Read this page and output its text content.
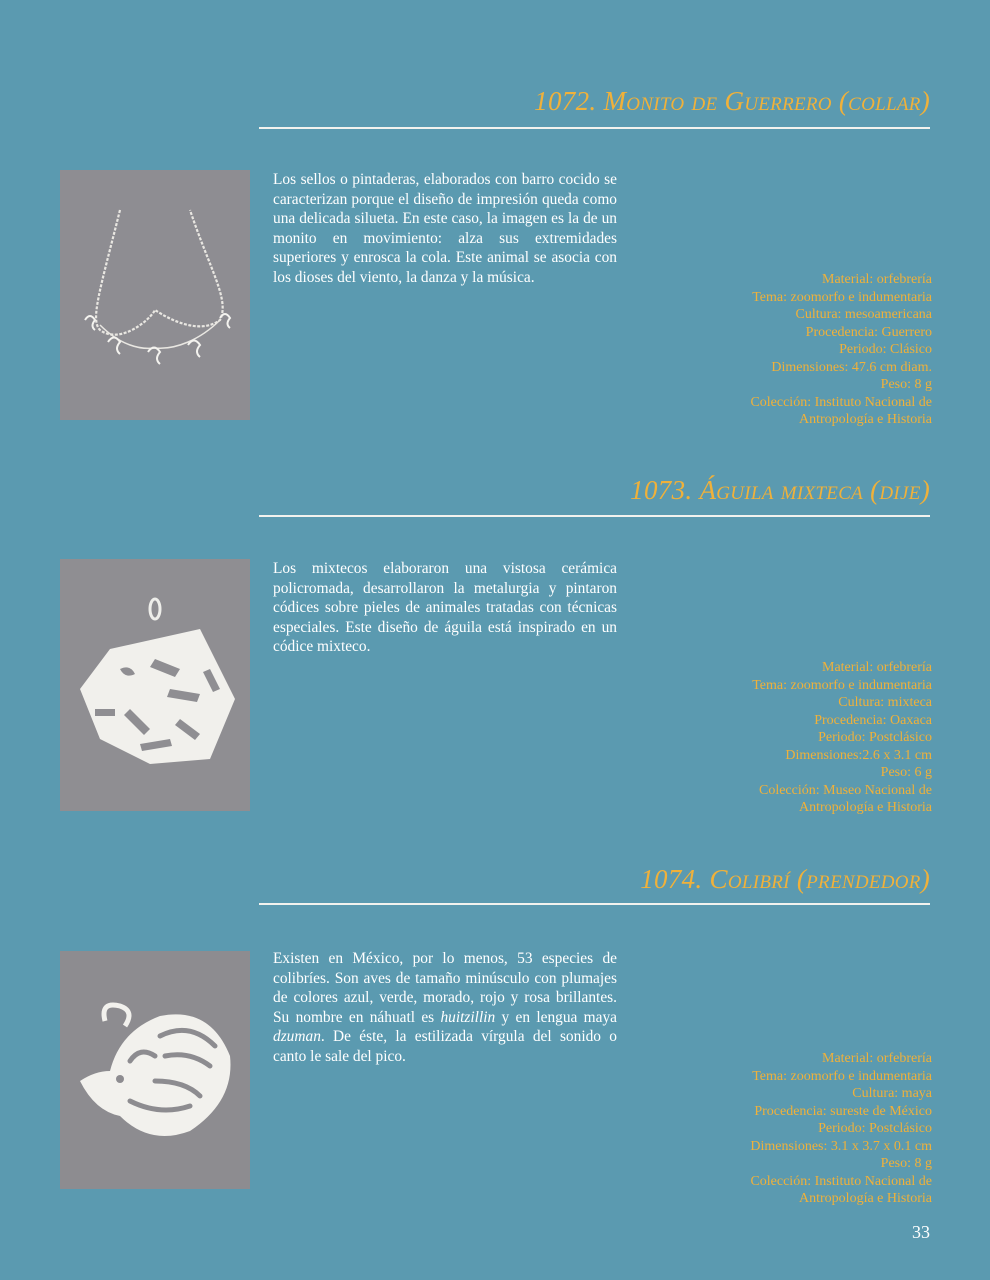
1072. Monito de Guerrero (collar)

Los sellos o pintaderas, elaborados con barro cocido se caracterizan porque el diseño de impresión queda como una delicada silueta. En este caso, la imagen es la de un monito en movimiento: alza sus extremidades superiores y enrosca la cola. Este animal se asocia con los dioses del viento, la danza y la música.	Material: orfebrería
Tema: zoomorfo e indumentaria
Cultura: mesoamericana
Procedencia: Guerrero
Periodo: Clásico
Dimensiones: 47.6 cm diam.
Peso: 8 g
Colección: Instituto Nacional de
Antropología e Historia
1073. Águila mixteca (dije)

Los mixtecos elaboraron una vistosa cerámica policromada, desarrollaron la metalurgia y pintaron códices sobre pieles de animales tratadas con técnicas especiales. Este diseño de águila está inspirado en un códice mixteco.

Material: orfebrería
Tema: zoomorfo e indumentaria
Cultura: mixteca
Procedencia: Oaxaca
Periodo: Postclásico
Dimensiones:2.6 x 3.1 cm
Peso: 6 g
Colección: Museo Nacional de
Antropología e Historia
1074. Colibrí (prendedor)

Existen en México, por lo menos, 53 especies de colibríes. Son aves de tamaño minúsculo con plumajes de colores azul, verde, morado, rojo y rosa brillantes. Su nombre en náhuatl es huitzillin y en lengua maya dzuman. De éste, la estilizada vírgula del sonido o canto le sale del pico.	Material: orfebrería
Tema: zoomorfo e indumentaria
Cultura: maya
Procedencia: sureste de México
Periodo: Postclásico
Dimensiones: 3.1 x 3.7 x 0.1 cm
Peso: 8 g
Colección: Instituto Nacional de
Antropología e Historia
33
